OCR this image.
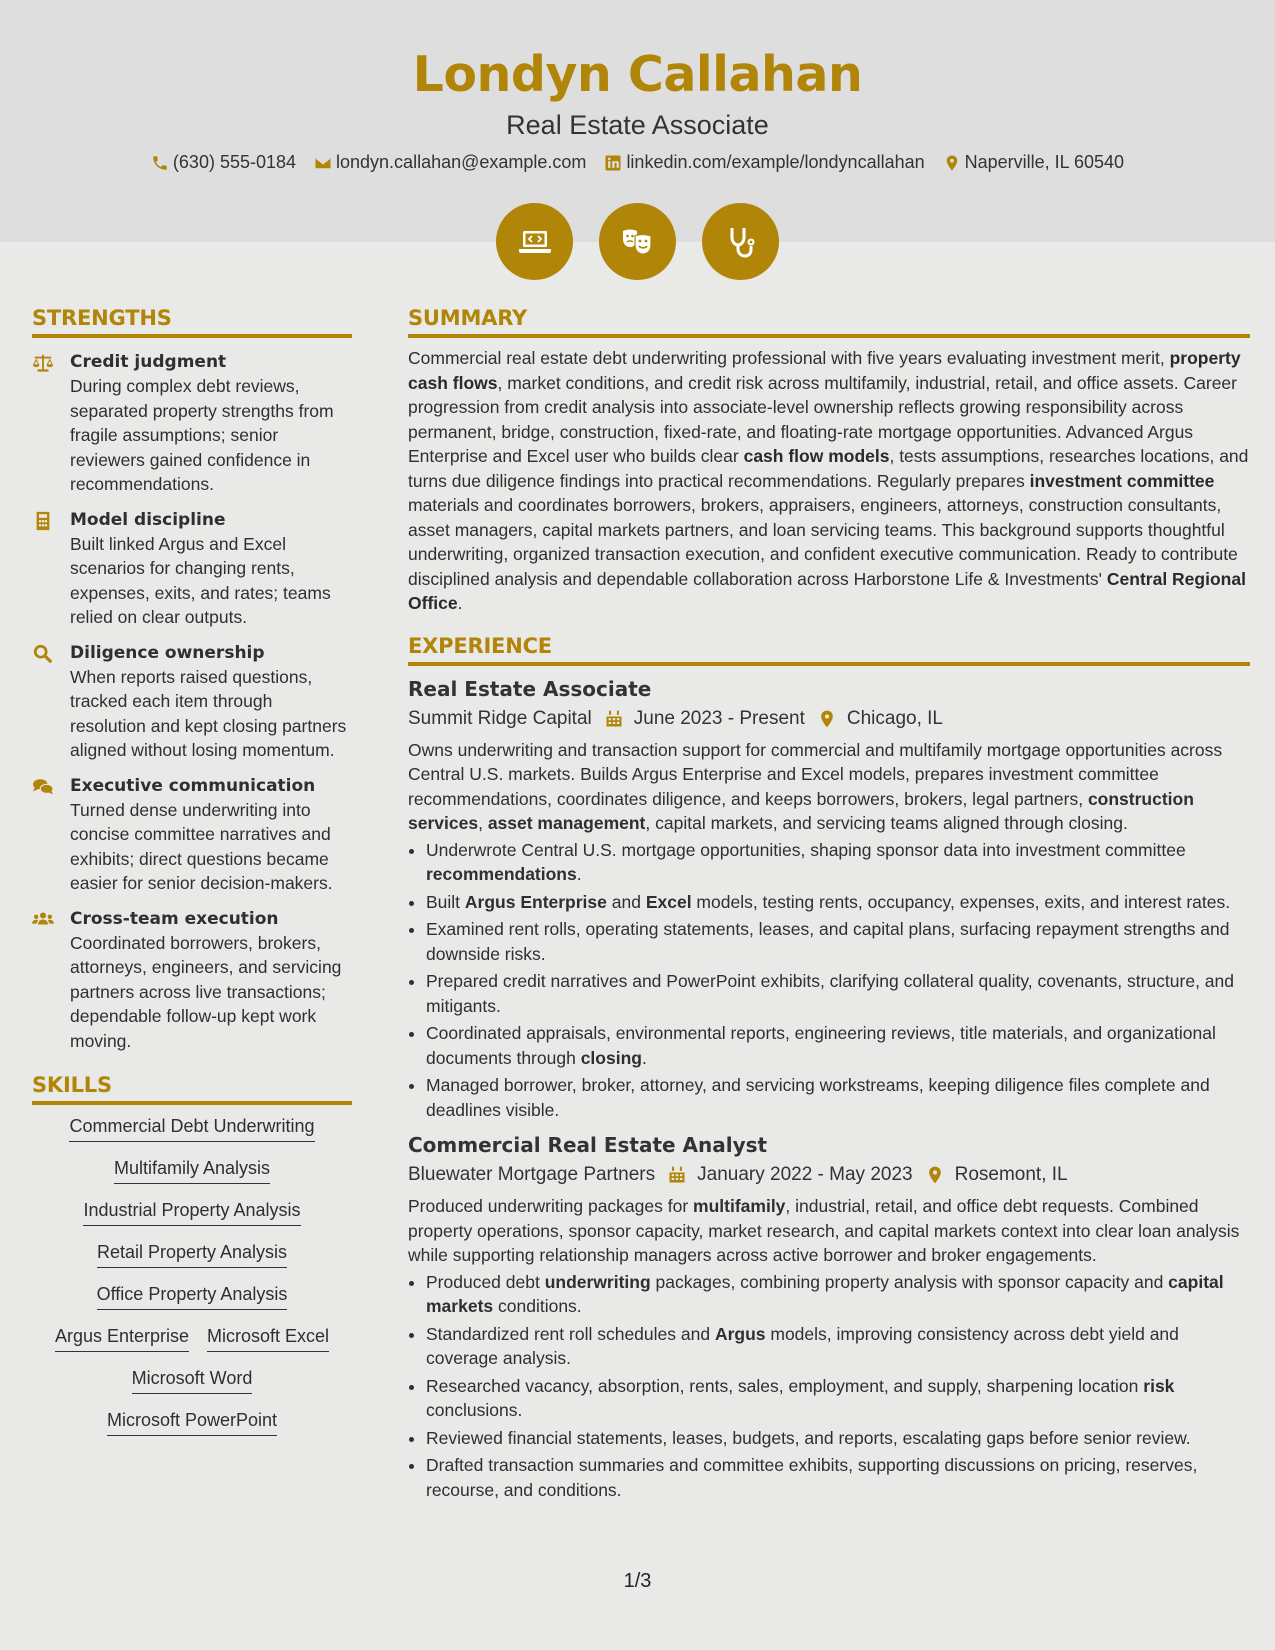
Londyn Callahan
Real Estate Associate
(630) 555-0184 londyn.callahan@example.com linkedin.com/example/londyncallahan Naperville, IL 60540
STRENGTHS
Credit judgment
During complex debt reviews, separated property strengths from fragile assumptions; senior reviewers gained confidence in recommendations.
Model discipline
Built linked Argus and Excel scenarios for changing rents, expenses, exits, and rates; teams relied on clear outputs.
Diligence ownership
When reports raised questions, tracked each item through resolution and kept closing partners aligned without losing momentum.
Executive communication
Turned dense underwriting into concise committee narratives and exhibits; direct questions became easier for senior decision-makers.
Cross-team execution
Coordinated borrowers, brokers, attorneys, engineers, and servicing partners across live transactions; dependable follow-up kept work moving.
SKILLS
Commercial Debt Underwriting
Multifamily Analysis
Industrial Property Analysis
Retail Property Analysis
Office Property Analysis
Argus Enterprise Microsoft Excel
Microsoft Word
Microsoft PowerPoint
SUMMARY
Commercial real estate debt underwriting professional with five years evaluating investment merit, property cash flows, market conditions, and credit risk across multifamily, industrial, retail, and office assets. Career progression from credit analysis into associate-level ownership reflects growing responsibility across permanent, bridge, construction, fixed-rate, and floating-rate mortgage opportunities. Advanced Argus Enterprise and Excel user who builds clear cash flow models, tests assumptions, researches locations, and turns due diligence findings into practical recommendations. Regularly prepares investment committee materials and coordinates borrowers, brokers, appraisers, engineers, attorneys, construction consultants, asset managers, capital markets partners, and loan servicing teams. This background supports thoughtful underwriting, organized transaction execution, and confident executive communication. Ready to contribute disciplined analysis and dependable collaboration across Harborstone Life & Investments' Central Regional Office.
EXPERIENCE
Real Estate Associate
Summit Ridge Capital June 2023 - Present Chicago, IL
Owns underwriting and transaction support for commercial and multifamily mortgage opportunities across Central U.S. markets. Builds Argus Enterprise and Excel models, prepares investment committee recommendations, coordinates diligence, and keeps borrowers, brokers, legal partners, construction services, asset management, capital markets, and servicing teams aligned through closing.
• Underwrote Central U.S. mortgage opportunities, shaping sponsor data into investment committee recommendations.
• Built Argus Enterprise and Excel models, testing rents, occupancy, expenses, exits, and interest rates.
• Examined rent rolls, operating statements, leases, and capital plans, surfacing repayment strengths and downside risks.
• Prepared credit narratives and PowerPoint exhibits, clarifying collateral quality, covenants, structure, and mitigants.
• Coordinated appraisals, environmental reports, engineering reviews, title materials, and organizational documents through closing.
• Managed borrower, broker, attorney, and servicing workstreams, keeping diligence files complete and deadlines visible.
Commercial Real Estate Analyst
Bluewater Mortgage Partners January 2022 - May 2023 Rosemont, IL
Produced underwriting packages for multifamily, industrial, retail, and office debt requests. Combined property operations, sponsor capacity, market research, and capital markets context into clear loan analysis while supporting relationship managers across active borrower and broker engagements.
• Produced debt underwriting packages, combining property analysis with sponsor capacity and capital markets conditions.
• Standardized rent roll schedules and Argus models, improving consistency across debt yield and coverage analysis.
• Researched vacancy, absorption, rents, sales, employment, and supply, sharpening location risk conclusions.
• Reviewed financial statements, leases, budgets, and reports, escalating gaps before senior review.
• Drafted transaction summaries and committee exhibits, supporting discussions on pricing, reserves, recourse, and conditions.
1/3
